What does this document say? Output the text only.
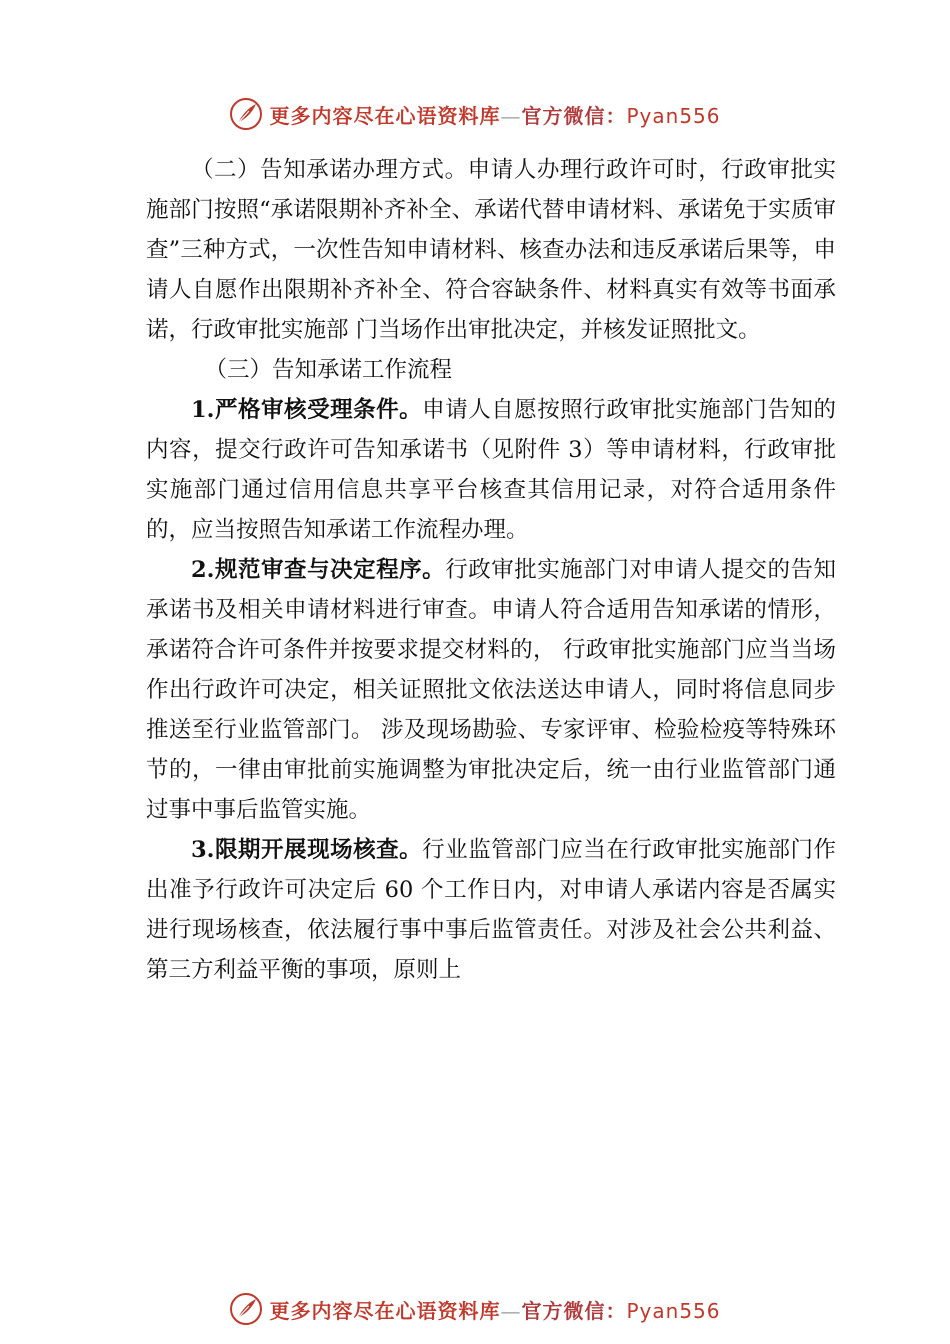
更多内容尽在心语资料库—官方微信：Pyan556

（二）告知承诺办理方式。申请人办理行政许可时，行政审批实施部门按照“承诺限期补齐补全、承诺代替申请材料、承诺免于实质审查”三种方式，一次性告知申请材料、核查办法和违反承诺后果等，申请人自愿作出限期补齐补全、符合容缺条件、材料真实有效等书面承诺，行政审批实施部 门当场作出审批决定，并核发证照批文。

（三）告知承诺工作流程

1.严格审核受理条件。申请人自愿按照行政审批实施部门告知的内容，提交行政许可告知承诺书（见附件 3）等申请材料，行政审批实施部门通过信用信息共享平台核查其信用记录，对符合适用条件的，应当按照告知承诺工作流程办理。

2.规范审查与决定程序。行政审批实施部门对申请人提交的告知承诺书及相关申请材料进行审查。申请人符合适用告知承诺的情形，承诺符合许可条件并按要求提交材料的， 行政审批实施部门应当当场作出行政许可决定，相关证照批文依法送达申请人，同时将信息同步推送至行业监管部门。 涉及现场勘验、专家评审、检验检疫等特殊环节的，一律由审批前实施调整为审批决定后，统一由行业监管部门通过事中事后监管实施。

3.限期开展现场核查。行业监管部门应当在行政审批实施部门作出准予行政许可决定后 60 个工作日内，对申请人承诺内容是否属实进行现场核查，依法履行事中事后监管责任。对涉及社会公共利益、第三方利益平衡的事项，原则上

更多内容尽在心语资料库—官方微信：Pyan556
